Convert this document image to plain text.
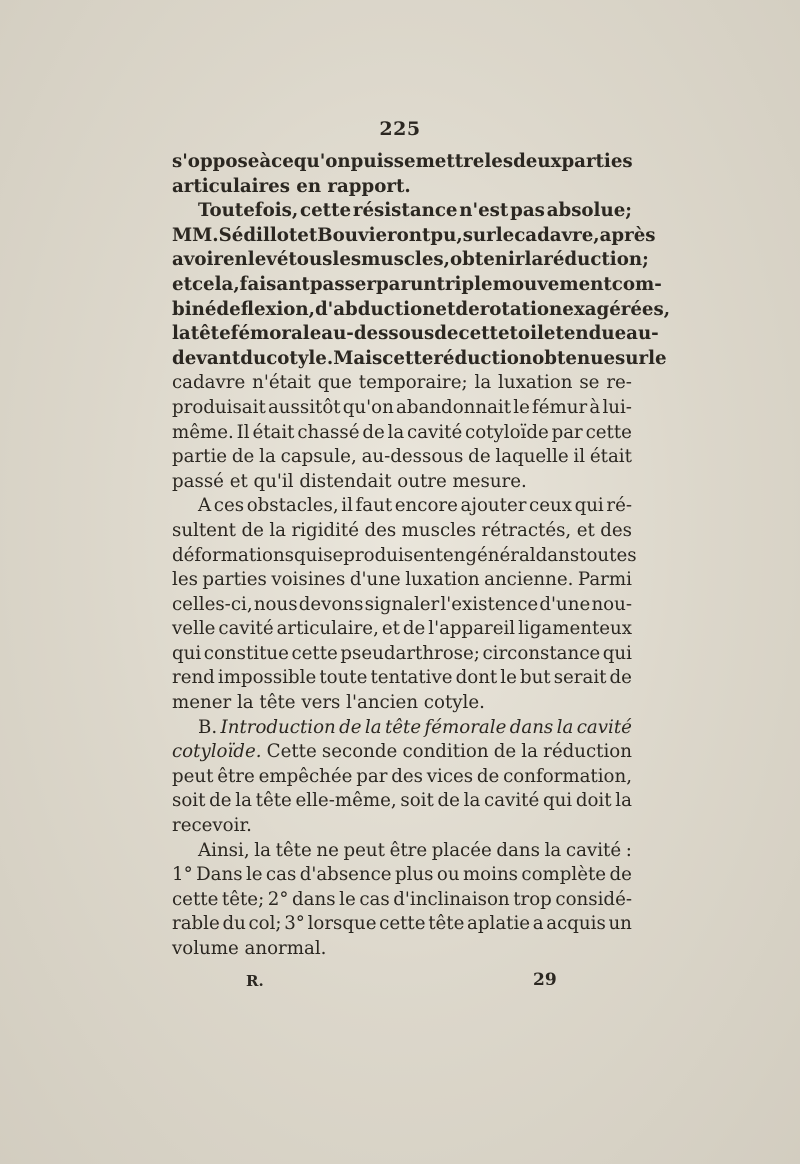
225
s'oppose à ce qu'on puisse mettre les deux parties
articulaires en rapport.
Toutefois, cette résistance n'est pas absolue;
MM. Sédillot et Bouvier ont pu, sur le cadavre, après
avoir enlevé tous les muscles, obtenir la réduction;
et cela, faisant passer par un triple mouvement com-
biné de flexion, d'abduction et de rotation exagérées,
la tête fémorale au-dessous de cette toile tendue au-
devant du cotyle. Mais cette réduction obtenue sur le
cadavre n'était que temporaire; la luxation se re-
produisait aussitôt qu'on abandonnait le fémur à lui-
même. Il était chassé de la cavité cotyloïde par cette
partie de la capsule, au-dessous de laquelle il était
passé et qu'il distendait outre mesure.
A ces obstacles, il faut encore ajouter ceux qui ré-
sultent de la rigidité des muscles rétractés, et des
déformations qui se produisent en général dans toutes
les parties voisines d'une luxation ancienne. Parmi
celles-ci, nous devons signaler l'existence d'une nou-
velle cavité articulaire, et de l'appareil ligamenteux
qui constitue cette pseudarthrose; circonstance qui
rend impossible toute tentative dont le but serait de
mener la tête vers l'ancien cotyle.
B. Introduction de la tête fémorale dans la cavité
cotyloïde. Cette seconde condition de la réduction
peut être empêchée par des vices de conformation,
soit de la tête elle-même, soit de la cavité qui doit la
recevoir.
Ainsi, la tête ne peut être placée dans la cavité :
1° Dans le cas d'absence plus ou moins complète de
cette tête; 2° dans le cas d'inclinaison trop considé-
rable du col; 3° lorsque cette tête aplatie a acquis un
volume anormal.
R.	29
